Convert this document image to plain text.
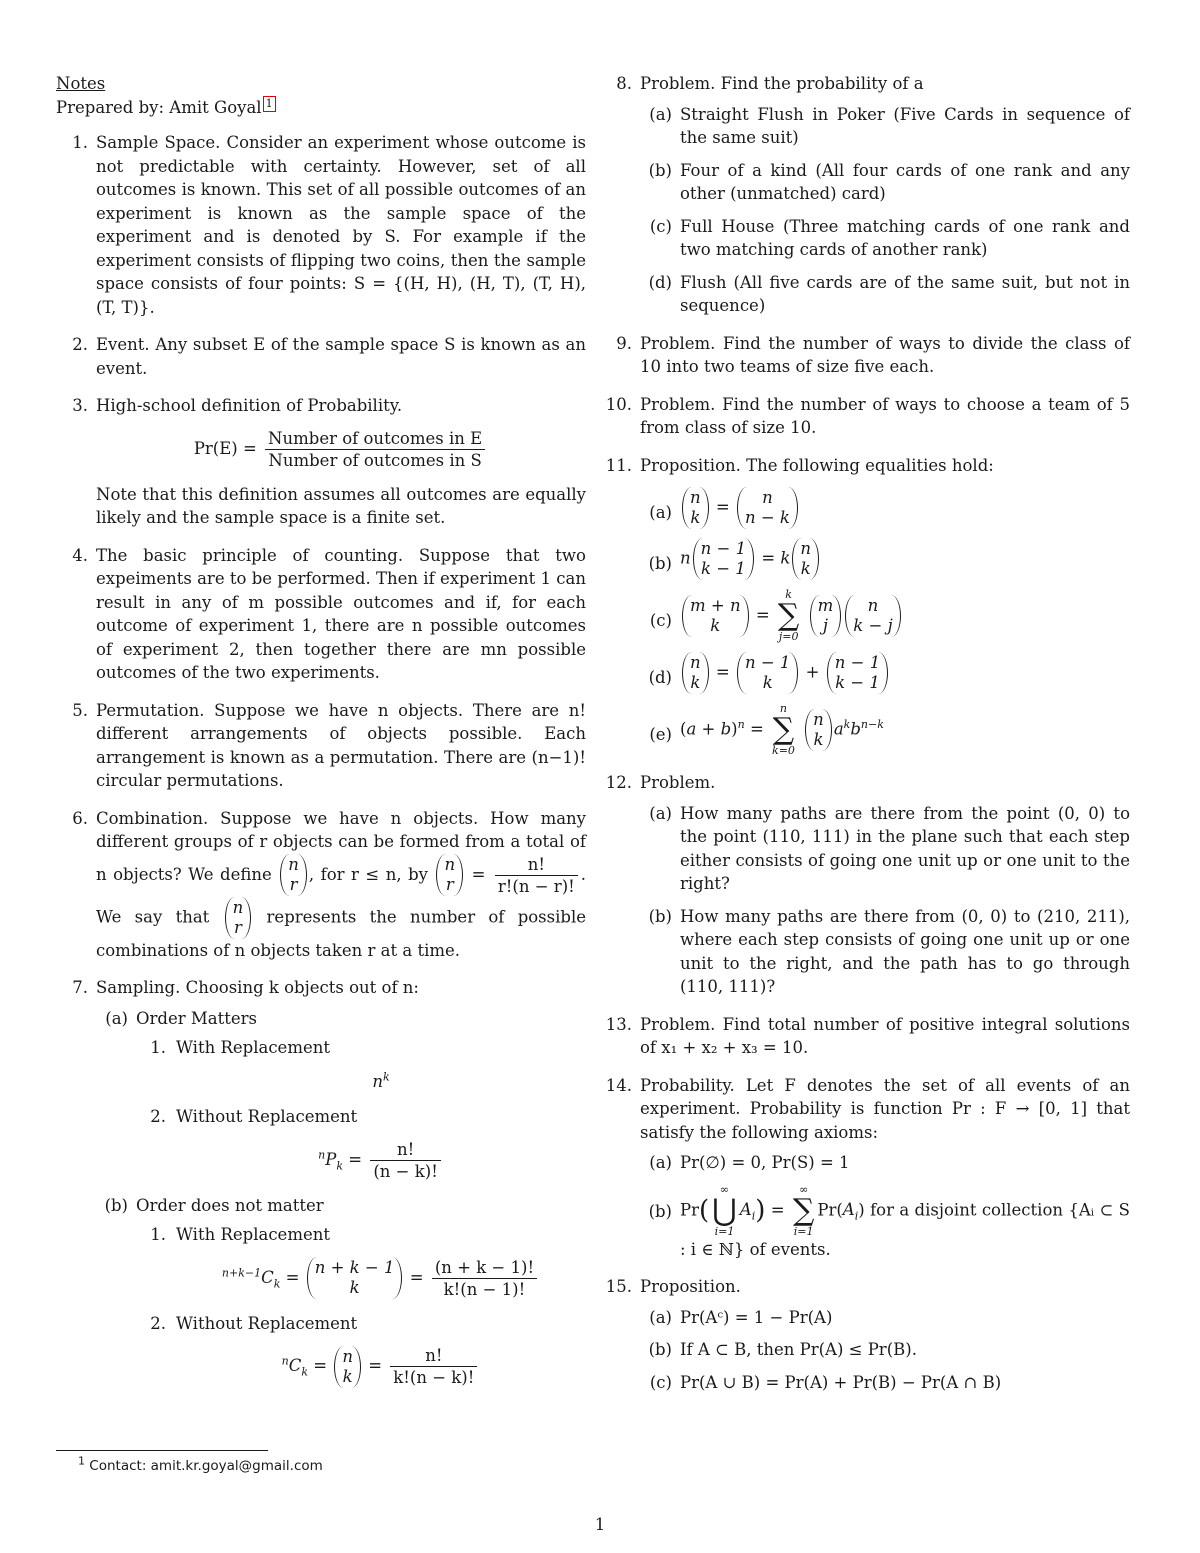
Notes
Prepared by: Amit Goyal 1
1. Sample Space. Consider an experiment whose outcome is not predictable with certainty. However, set of all outcomes is known. This set of all possible outcomes of an experiment is known as the sample space of the experiment and is denoted by S. For example if the experiment consists of flipping two coins, then the sample space consists of four points: S = {(H, H), (H, T), (T, H), (T, T)}.
2. Event. Any subset E of the sample space S is known as an event.
3. High-school definition of Probability.
$Pr(E) = \frac{\text{Number of outcomes in E}}{\text{Number of outcomes in S}}$
Note that this definition assumes all outcomes are equally likely and the sample space is a finite set.
4. The basic principle of counting. Suppose that two expeiments are to be performed. Then if experiment 1 can result in any of m possible outcomes and if, for each outcome of experiment 1, there are n possible outcomes of experiment 2, then together there are mn possible outcomes of the two experiments.
5. Permutation. Suppose we have n objects. There are n! different arrangements of objects possible. Each arrangement is known as a permutation. There are (n−1)! circular permutations.
6. Combination. Suppose we have n objects. How many different groups of r objects can be formed from a total of n objects? We define n
r
, for r ≤ n, by n
r
= $\frac{n!}{r!(n - r)!}$ . We say that n
r
represents the number of possible combinations of n objects taken r at a time.
7. Sampling. Choosing k objects out of n:
(a) Order Matters
1. With Replacement
$n^k$
2. Without Replacement
$^nP_k = \frac{n!}{(n - k)!}$
(b) Order does not matter
1. With Replacement
$^{n+k-1}C_k = n + k - 1$
k
= $\frac{(n + k - 1)!}{k!(n - 1)!}$
2. Without Replacement
$^nC_k = n$
k
= $\frac{n!}{k!(n - k)!}$
8. Problem. Find the probability of a
(a) Straight Flush in Poker (Five Cards in sequence of the same suit)
(b) Four of a kind (All four cards of one rank and any other (unmatched) card)
(c) Full House (Three matching cards of one rank and two matching cards of another rank)
(d) Flush (All five cards are of the same suit, but not in sequence)
9. Problem. Find the number of ways to divide the class of 10 into two teams of size five each.
10. Problem. Find the number of ways to choose a team of 5 from class of size 10.
11. Proposition. The following equalities hold:
(a)
n
k
=	n
n − k
(b) n n − 1
k − 1
= k n
k
(c)
m + n
k
=
k
∑
j=0

m
j
n
k − j
(d)
n
k
= n − 1
k
+ n − 1
k − 1
(e) $(a + b)^n$ =
n
∑
k=0

n
k
$a^kb^{n-k}$
12. Problem.
(a) How many paths are there from the point (0, 0) to the point (110, 111) in the plane such that each step either consists of going one unit up or one unit to the right?
(b) How many paths are there from (0, 0) to (210, 211), where each step consists of going one unit up or one unit to the right, and the path has to go through (110, 111)?
13. Problem. Find total number of positive integral solutions of x₁ + x₂ + x₃ = 10.
14. Probability. Let F denotes the set of all events of an experiment. Probability is function Pr : F → [0, 1] that satisfy the following axioms:
(a) Pr(∅) = 0, Pr(S) = 1
(b) Pr(
∞
⋃
i=1
$A_i$) =
∞
∑
i=1
$Pr(A_i)$ for a disjoint collection {Aᵢ ⊂ S : i ∈ ℕ} of events.
15. Proposition.
(a) Pr(Aᶜ) = 1 − Pr(A)
(b) If A ⊂ B, then Pr(A) ≤ Pr(B).
(c) Pr(A ∪ B) = Pr(A) + Pr(B) − Pr(A ∩ B)
$^1$ Contact: amit.kr.goyal@gmail.com
1
